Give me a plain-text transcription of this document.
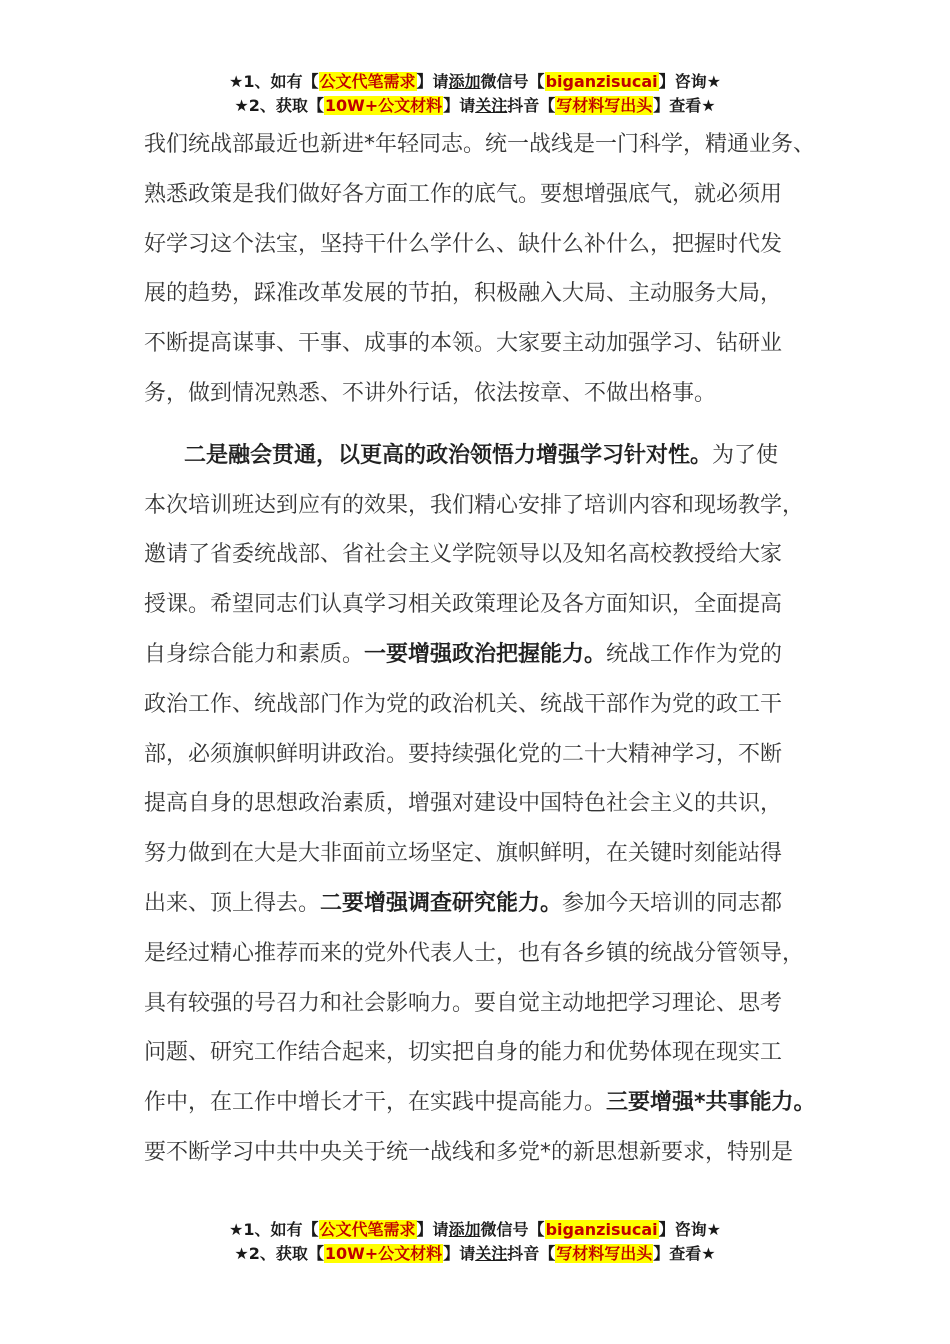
★1、如有【公文代笔需求】请添加微信号【biganzisucai】咨询★
★2、获取【10W+公文材料】请关注抖音【写材料写出头】查看★
我们统战部最近也新进*年轻同志。统一战线是一门科学，精通业务、
熟悉政策是我们做好各方面工作的底气。要想增强底气，就必须用
好学习这个法宝，坚持干什么学什么、缺什么补什么，把握时代发
展的趋势，踩准改革发展的节拍，积极融入大局、主动服务大局，
不断提高谋事、干事、成事的本领。大家要主动加强学习、钻研业
务，做到情况熟悉、不讲外行话，依法按章、不做出格事。
二是融会贯通，以更高的政治领悟力增强学习针对性。为了使
本次培训班达到应有的效果，我们精心安排了培训内容和现场教学，
邀请了省委统战部、省社会主义学院领导以及知名高校教授给大家
授课。希望同志们认真学习相关政策理论及各方面知识，全面提高
自身综合能力和素质。一要增强政治把握能力。统战工作作为党的
政治工作、统战部门作为党的政治机关、统战干部作为党的政工干
部，必须旗帜鲜明讲政治。要持续强化党的二十大精神学习，不断
提高自身的思想政治素质，增强对建设中国特色社会主义的共识，
努力做到在大是大非面前立场坚定、旗帜鲜明，在关键时刻能站得
出来、顶上得去。二要增强调查研究能力。参加今天培训的同志都
是经过精心推荐而来的党外代表人士，也有各乡镇的统战分管领导，
具有较强的号召力和社会影响力。要自觉主动地把学习理论、思考
问题、研究工作结合起来，切实把自身的能力和优势体现在现实工
作中，在工作中增长才干，在实践中提高能力。三要增强*共事能力。
要不断学习中共中央关于统一战线和多党*的新思想新要求，特别是
★1、如有【公文代笔需求】请添加微信号【biganzisucai】咨询★
★2、获取【10W+公文材料】请关注抖音【写材料写出头】查看★
